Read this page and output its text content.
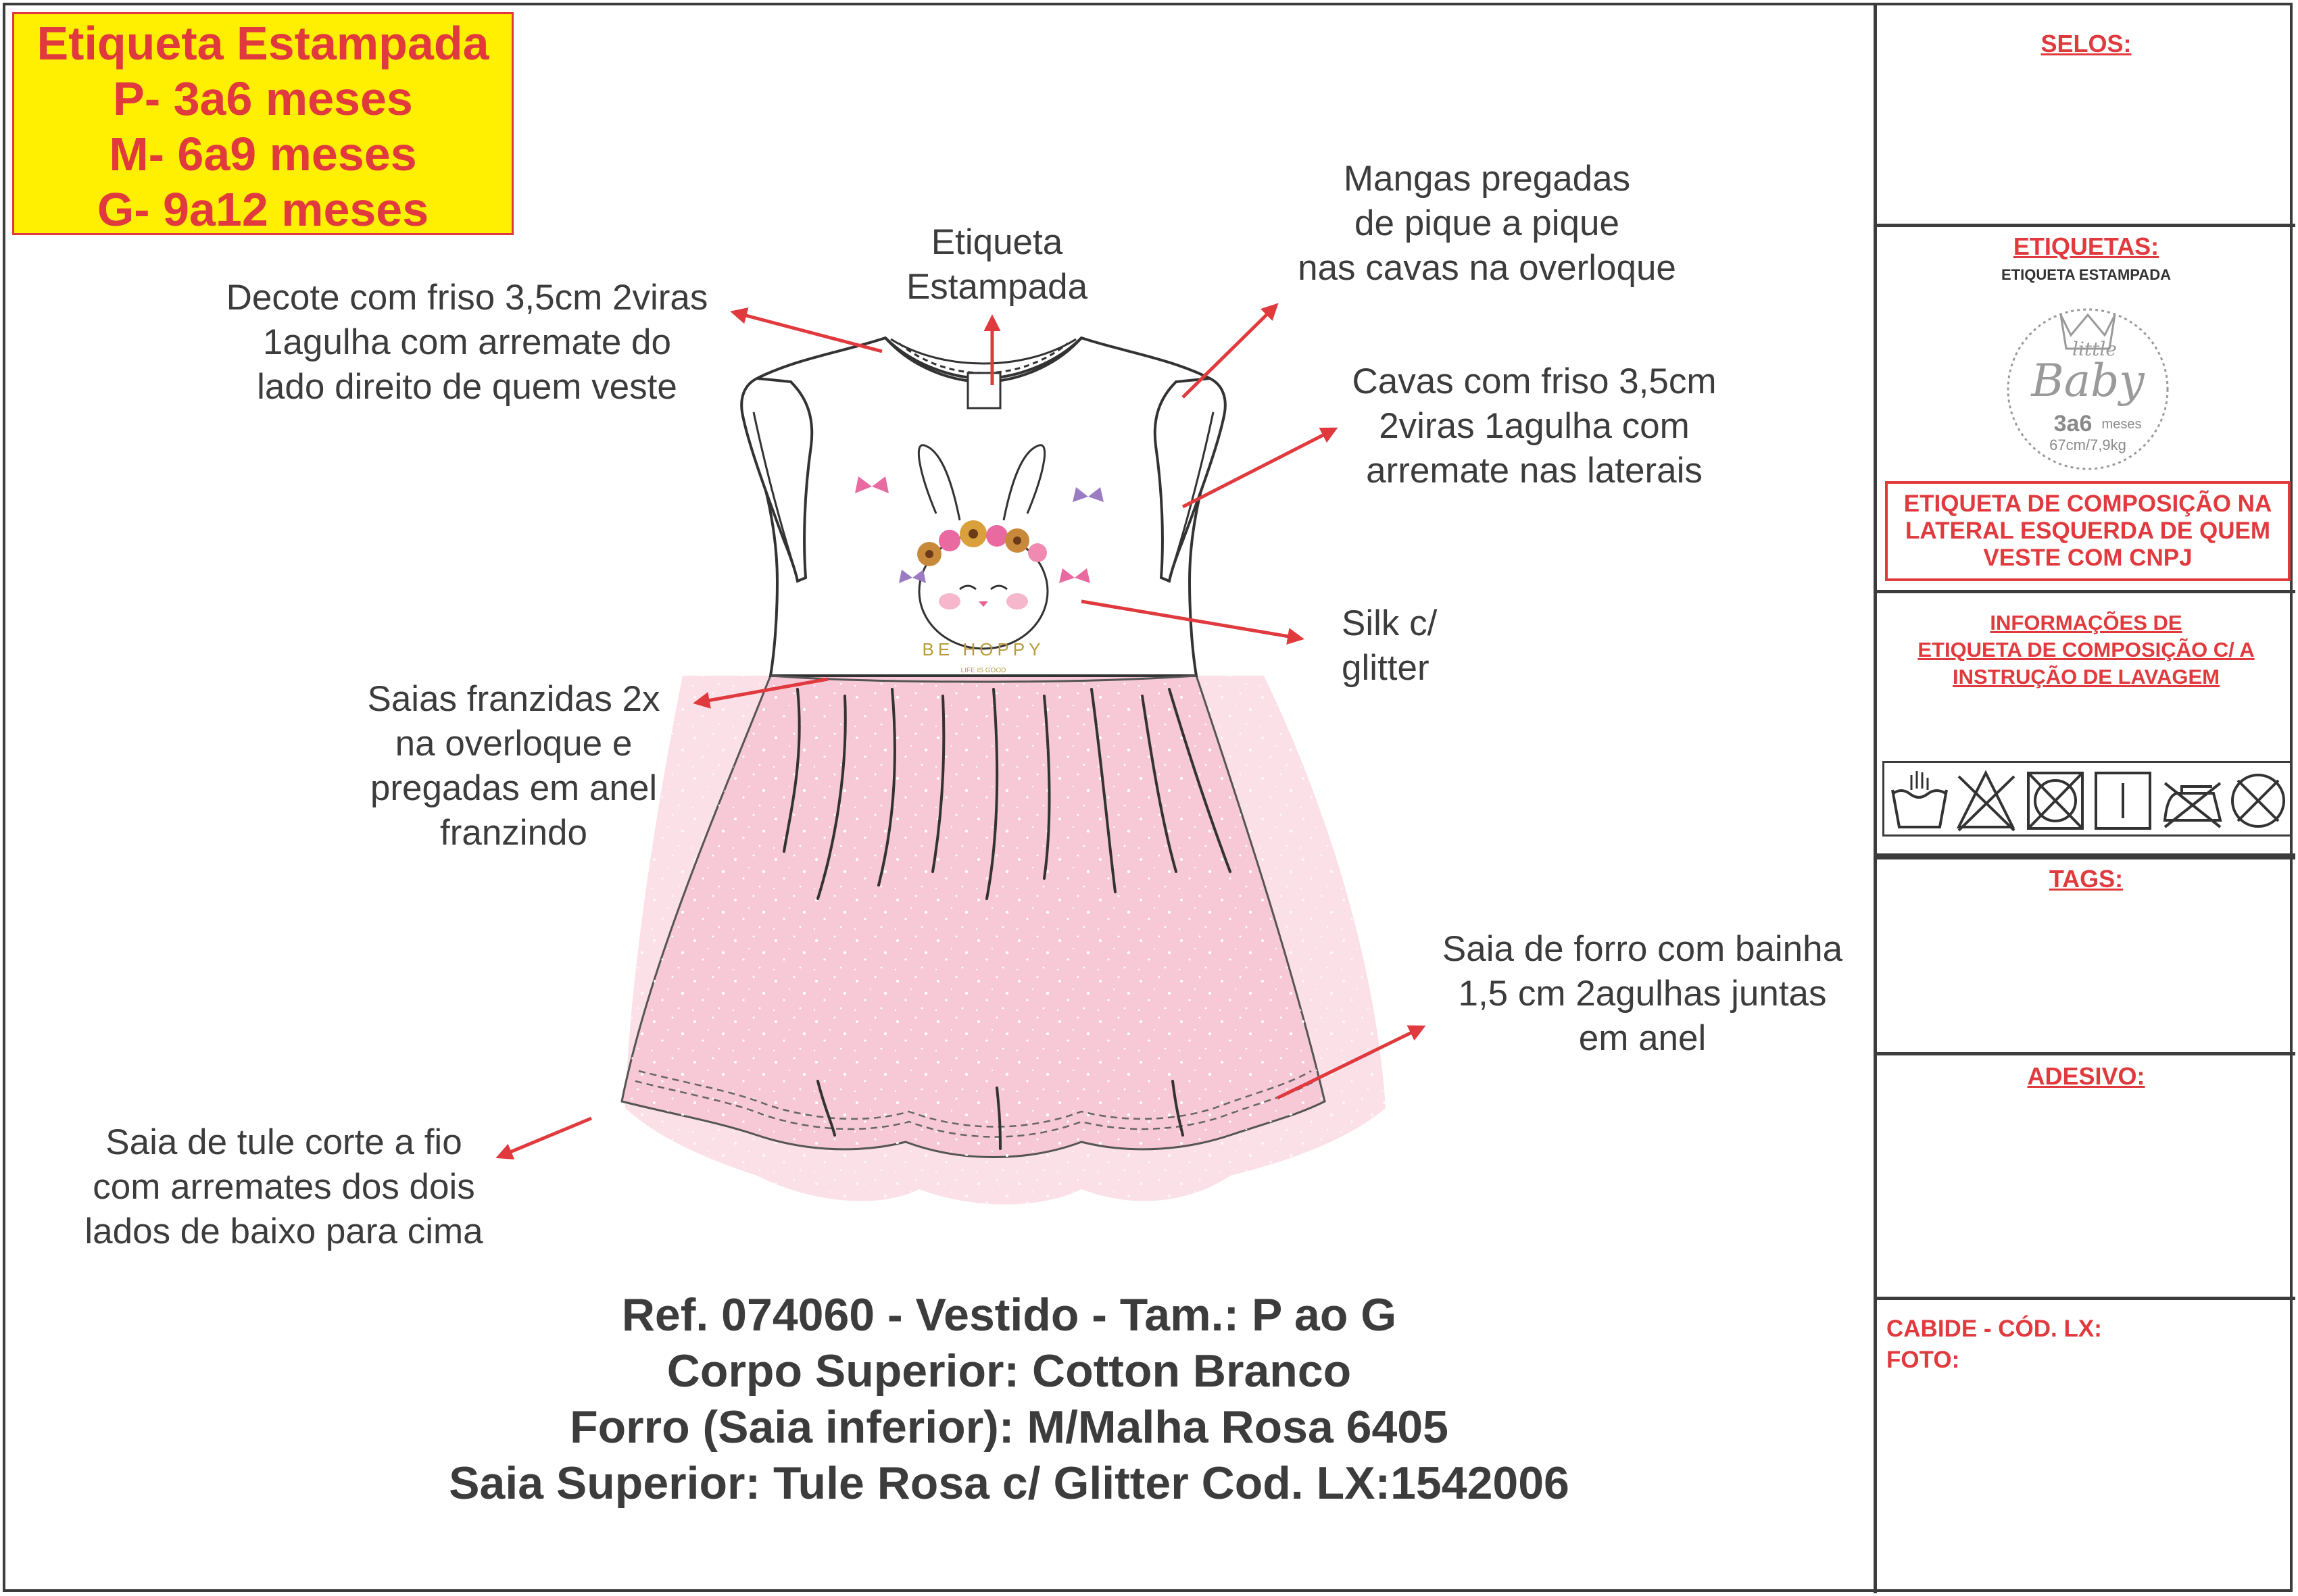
Etiqueta Estampada
P- 3a6 meses
M- 6a9 meses
G- 9a12 meses
BE HOPPY
LIFE IS GOOD
Decote com friso 3,5cm 2viras
1agulha com arremate do
lado direito de quem veste
Etiqueta
Estampada
Mangas pregadas
de pique a pique
nas cavas na overloque
Cavas com friso 3,5cm
2viras 1agulha com
arremate nas laterais
Silk c/
glitter
Saias franzidas 2x
na overloque e
pregadas em anel
franzindo
Saia de forro com bainha
1,5 cm 2agulhas juntas
em anel
Saia de tule corte a fio
com arremates dos dois
lados de baixo para cima
Ref. 074060 - Vestido - Tam.: P ao G
Corpo Superior: Cotton Branco
Forro (Saia inferior): M/Malha Rosa 6405
Saia Superior: Tule Rosa c/ Glitter Cod. LX:1542006
SELOS:
ETIQUETAS:
ETIQUETA ESTAMPADA
little
Baby
3a6 meses
67cm/7,9kg
ETIQUETA DE COMPOSIÇÃO NA
LATERAL ESQUERDA DE QUEM
VESTE COM CNPJ
INFORMAÇÕES DE
ETIQUETA DE COMPOSIÇÃO C/ A
INSTRUÇÃO DE LAVAGEM
TAGS:
ADESIVO:
CABIDE - CÓD. LX:
FOTO:
